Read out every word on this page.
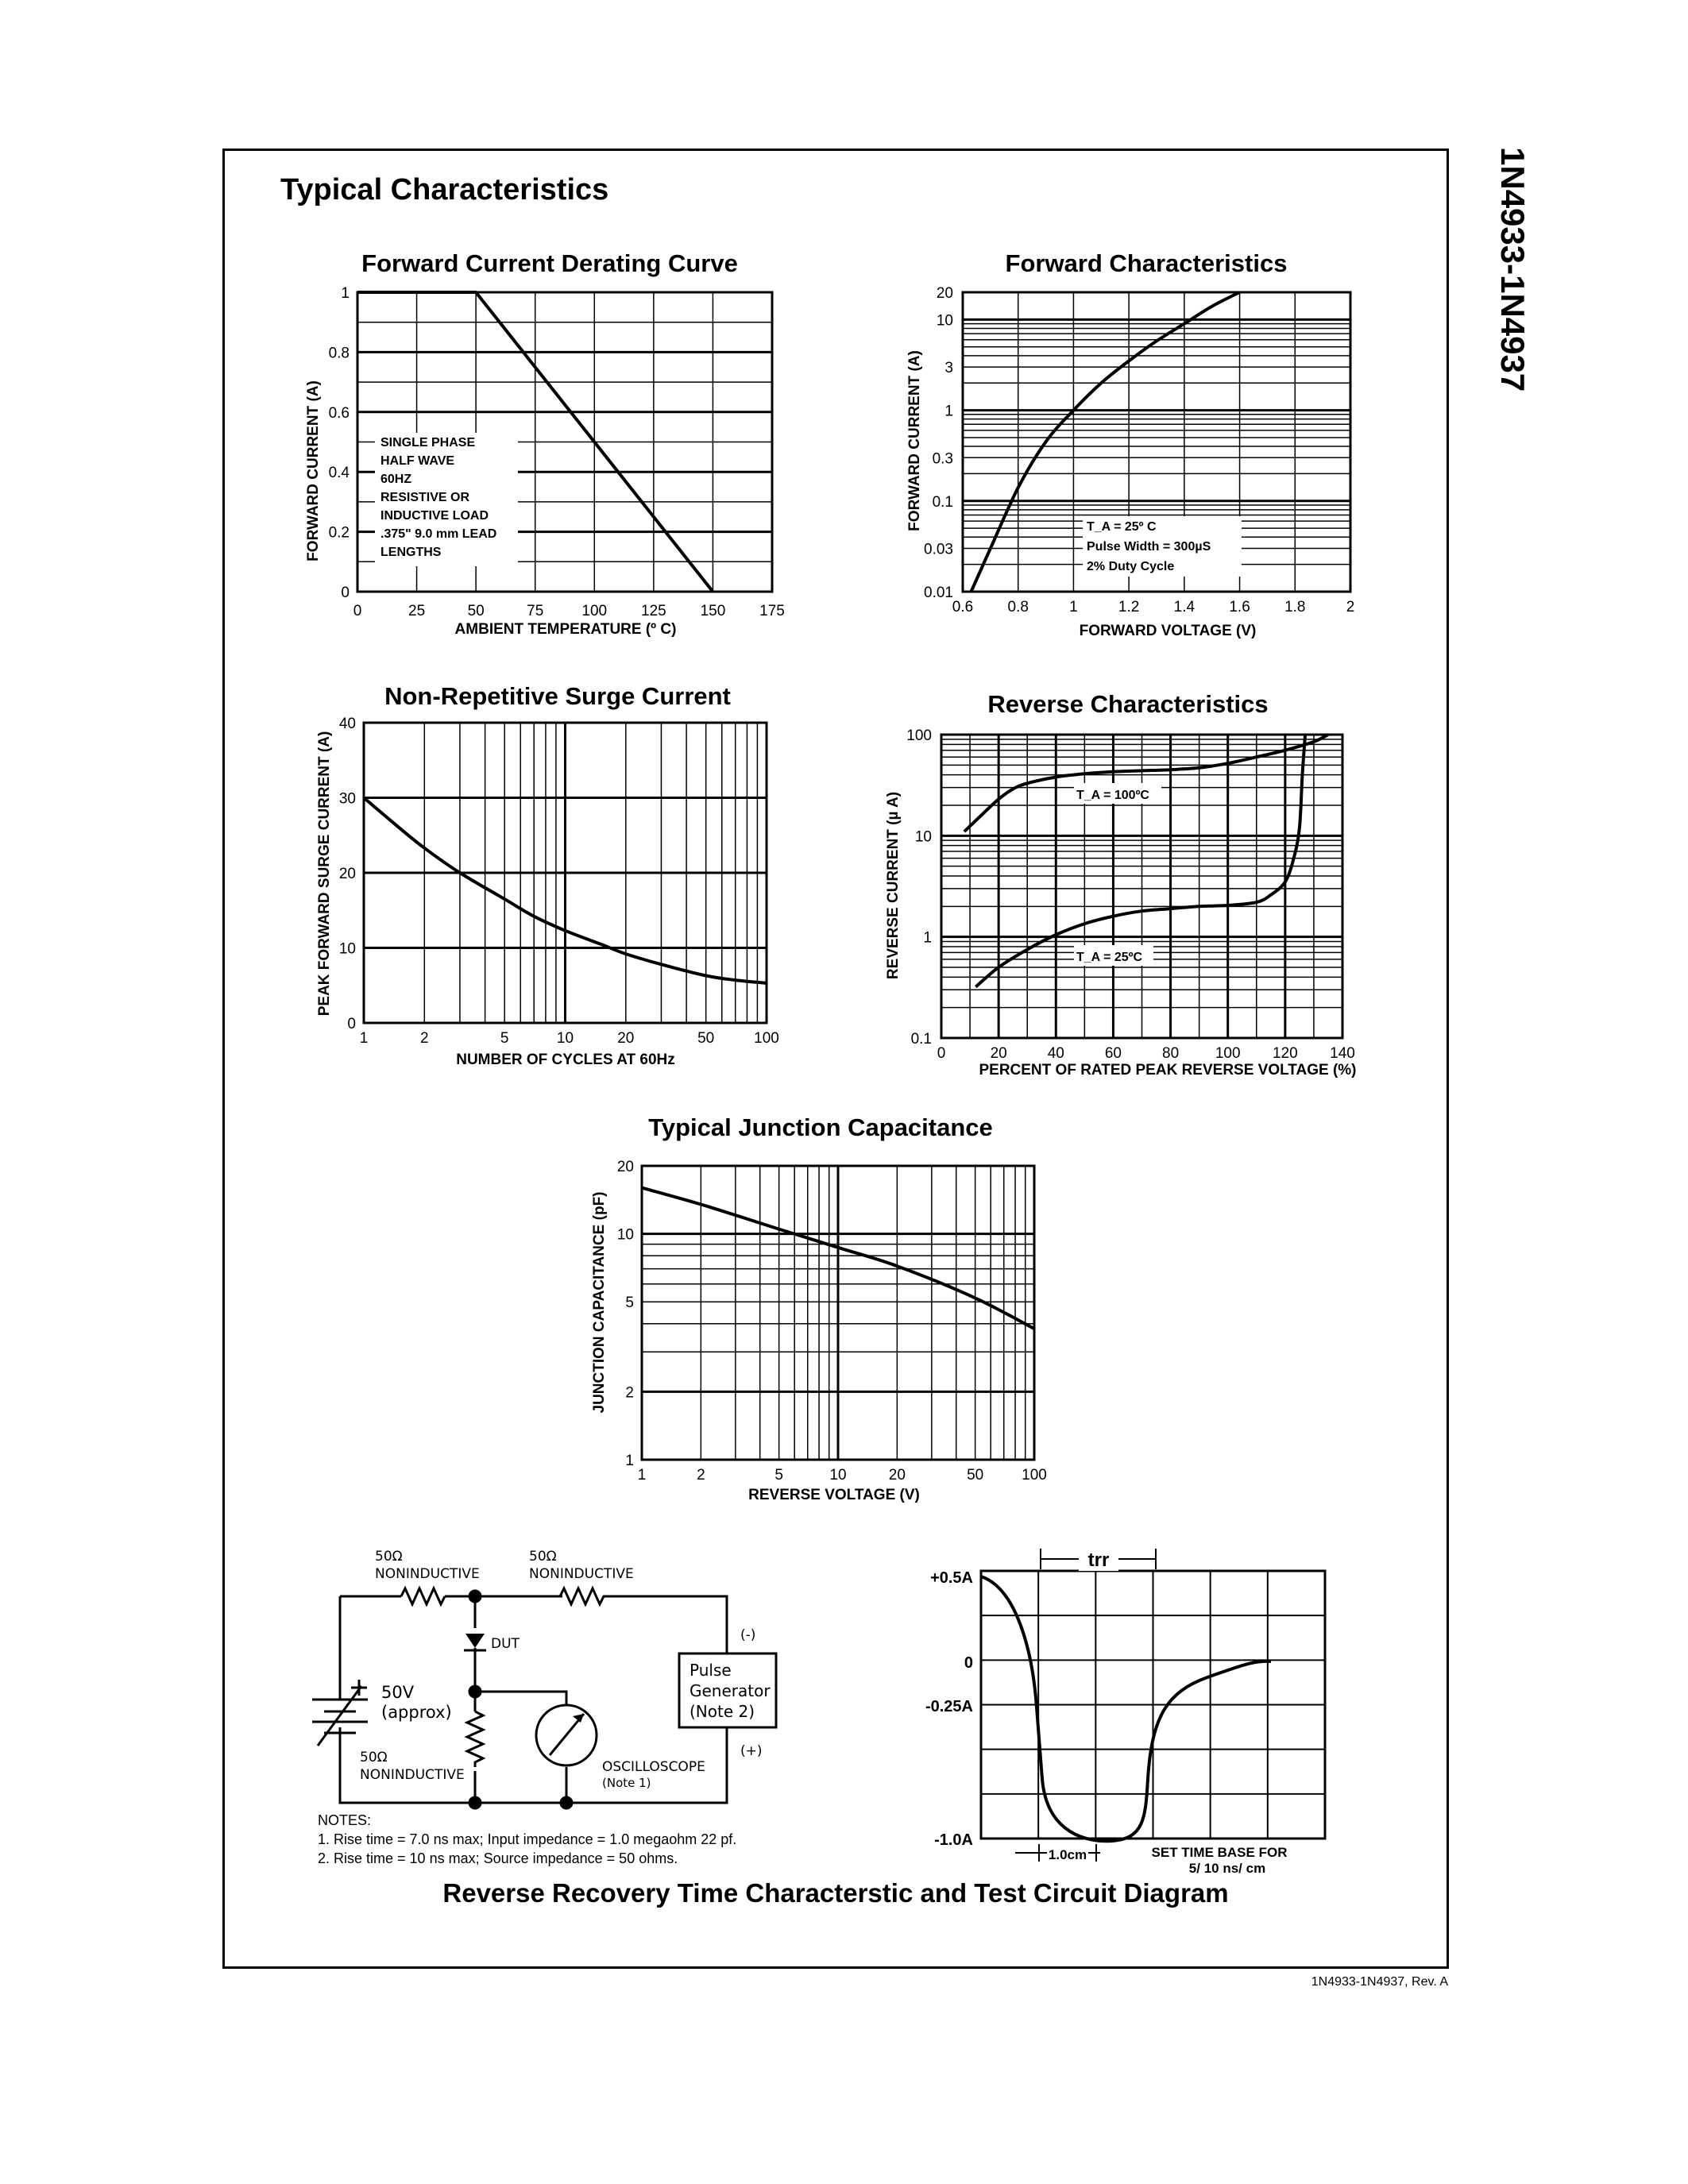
1N4933-1N4937
Typical Characteristics
Forward Current Derating Curve
0	25	50	75	100 125 150 175
0
0.2
0.4
0.6
0.8
1
AMBIENT TEMPERATURE (º C)
FORWARD CURRENT (A)	SINGLE PHASE
HALF WAVE
60HZ
RESISTIVE OR
INDUCTIVE LOAD
.375" 9.0 mm LEAD
LENGTHS
Forward Characteristics
0.6 0.8	1	1.2 1.4 1.6 1.8	2
0.01
0.03
0.1
0.3
1
3
10
20
FORWARD VOLTAGE (V)
FORWARD CURRENT (A)	T_A = 25º C
Pulse Width = 300µS
2% Duty Cycle
Non-Repetitive Surge Current
1	2	5	10	20	50	100
0
10
20
30
40
NUMBER OF CYCLES AT 60Hz
PEAK FORWARD SURGE CURRENT (A)
Reverse Characteristics
0	20	40	60	80 100 120 140
0.1
1
10
100
PERCENT OF RATED PEAK REVERSE VOLTAGE (%)
REVERSE CURRENT (µ A)	T_A = 100ºC
T_A = 25ºC
Typical Junction Capacitance
1	2	5	10	20	50	100
1
2
5
10
20
REVERSE VOLTAGE (V)
JUNCTION CAPACITANCE (pF)
+0.5A
0
-0.25A
-1.0A
trr
1.0cm	SET TIME BASE FOR
5/ 10 ns/ cm
50Ω
NONINDUCTIVE
50Ω
NONINDUCTIVE
50Ω
NONINDUCTIVE
DUT
50V
(approx)
Pulse
Generator
(Note 2)
OSCILLOSCOPE
(Note 1)
(-)
(+)
NOTES:
1. Rise time = 7.0 ns max; Input impedance = 1.0 megaohm 22 pf.
2. Rise time = 10 ns max; Source impedance = 50 ohms.
Reverse Recovery Time Characterstic and Test Circuit Diagram
1N4933-1N4937, Rev. A
